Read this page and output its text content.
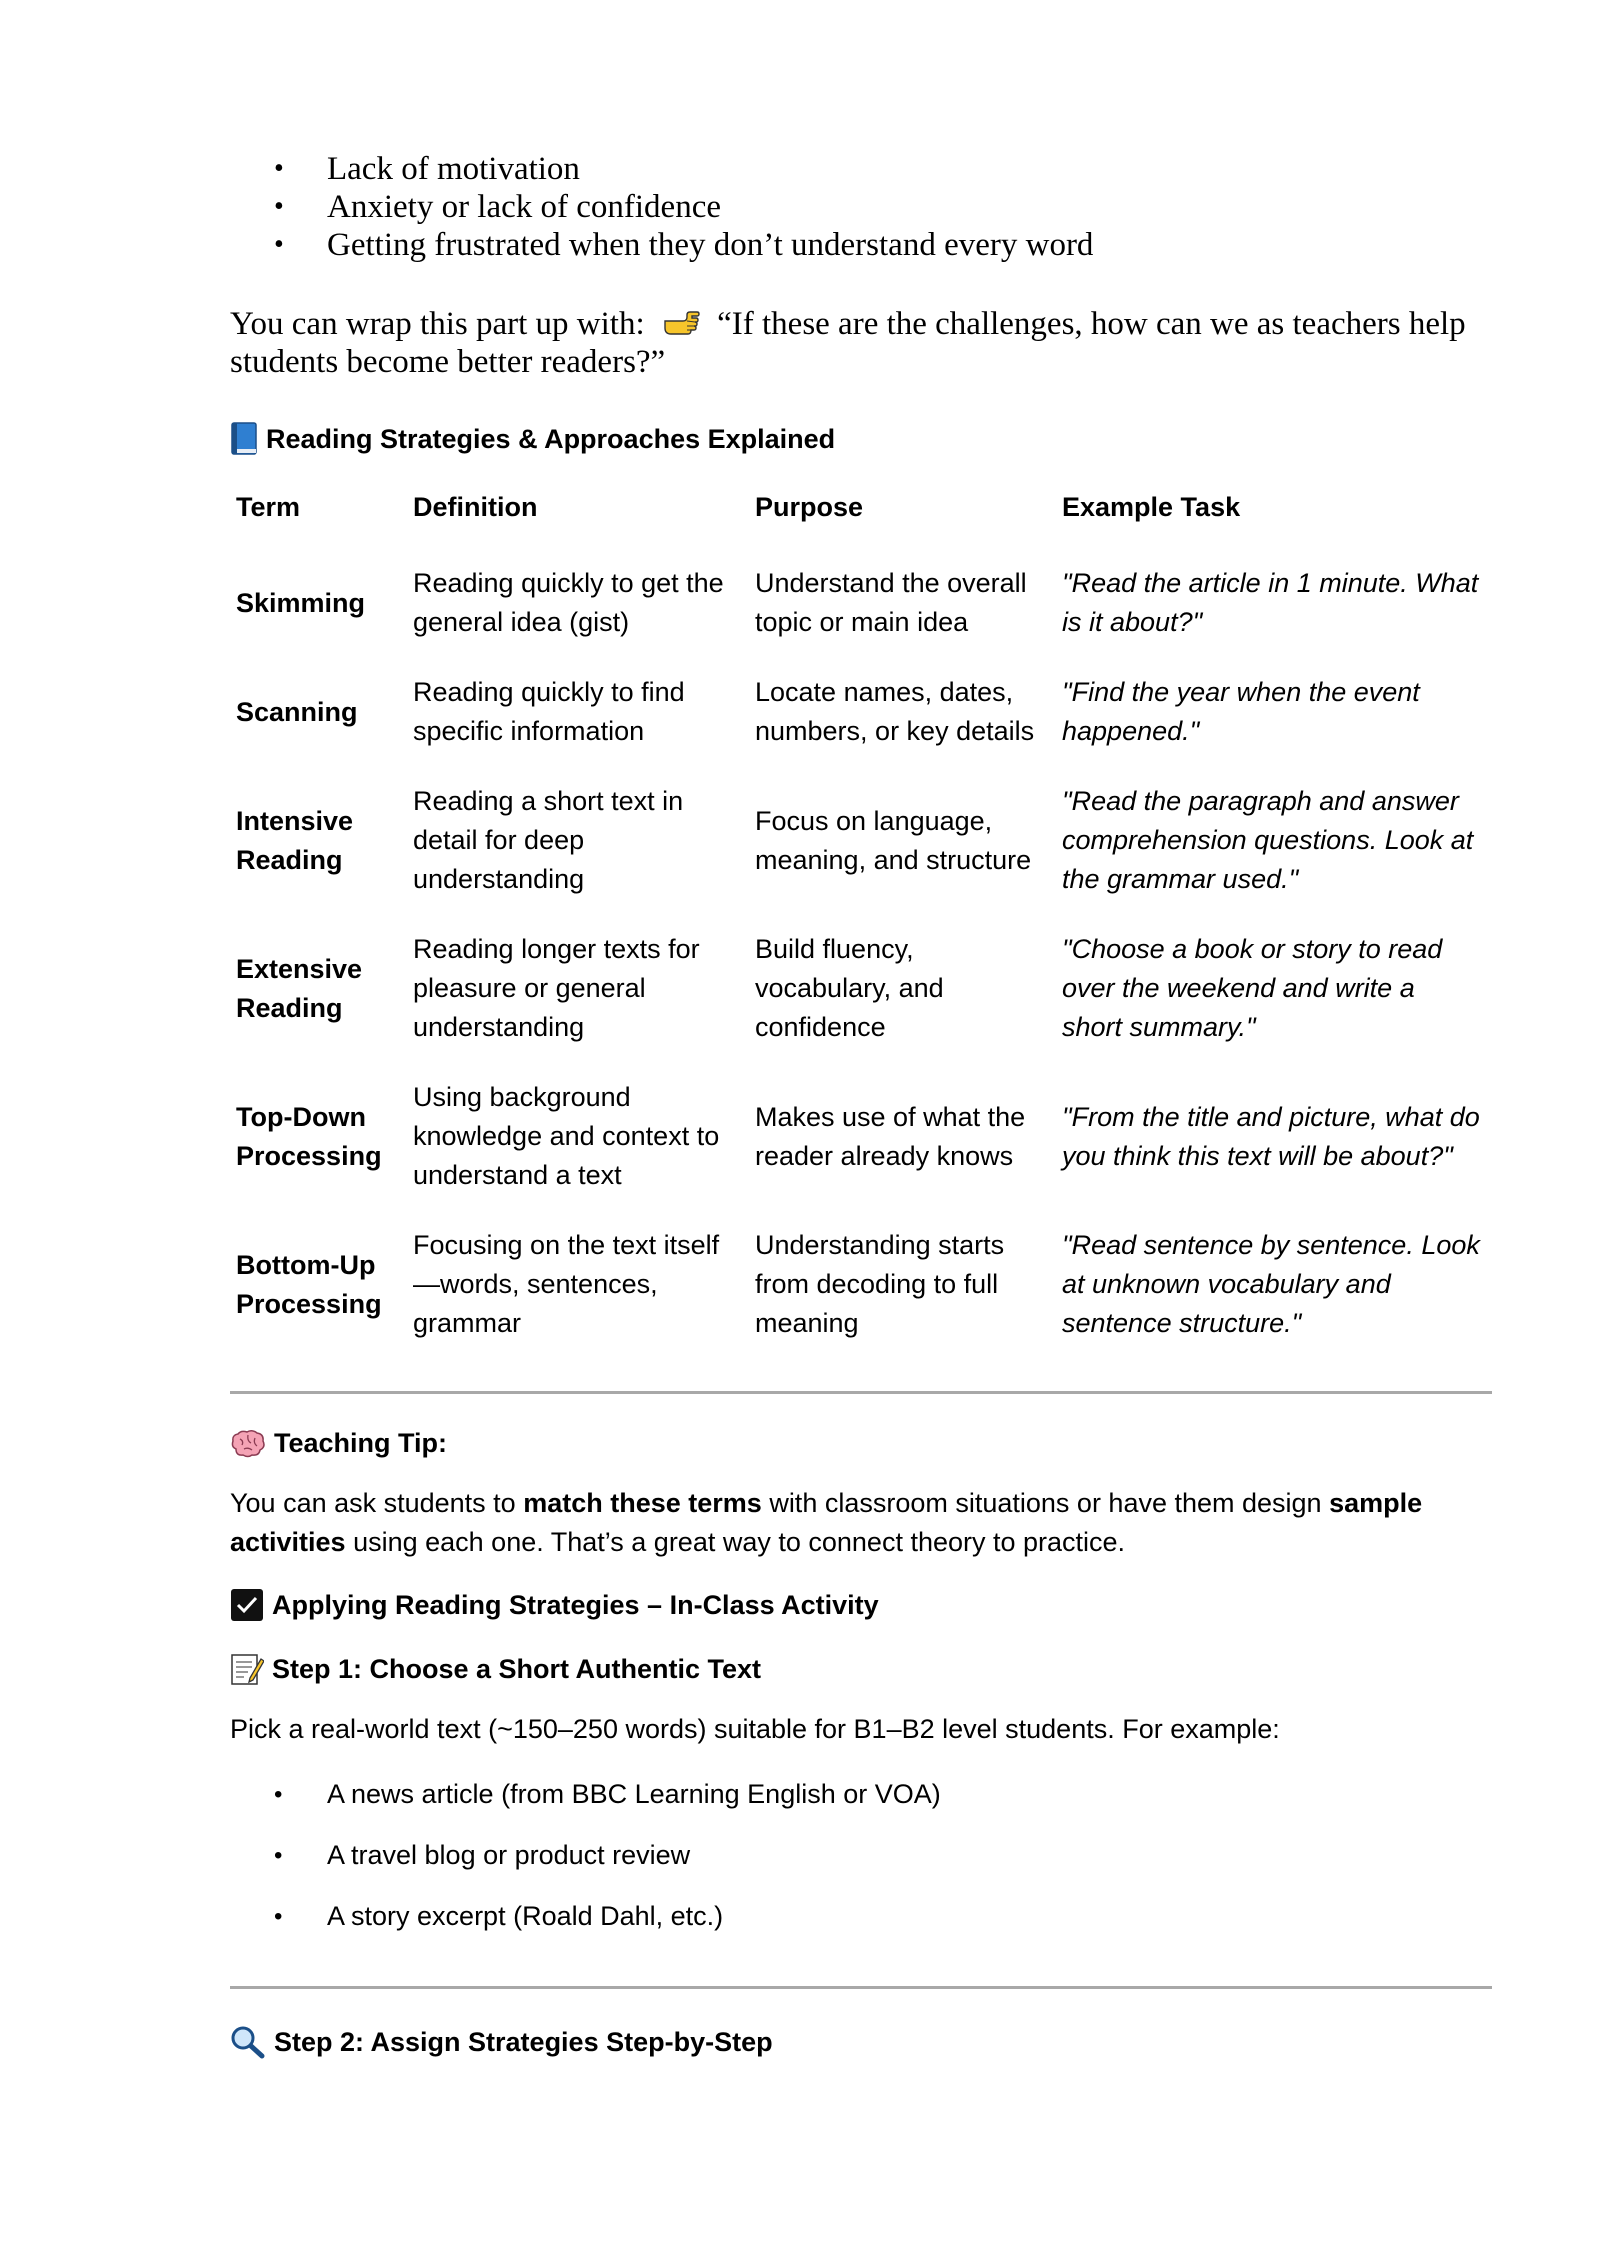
• Lack of motivation
• Anxiety or lack of confidence
• Getting frustrated when they don’t understand every word

You can wrap this part up with: “If these are the challenges, how can we as teachers help students become better readers?”

Reading Strategies & Approaches Explained
Term	Definition	Purpose	Example Task
Skimming	Reading quickly to get the general idea (gist)	Understand the overall topic or main idea	"Read the article in 1 minute. What is it about?"
Scanning	Reading quickly to find specific information	Locate names, dates, numbers, or key details	"Find the year when the event happened."
Intensive Reading	Reading a short text in detail for deep understanding	Focus on language, meaning, and structure	"Read the paragraph and answer comprehension questions. Look at the grammar used."
Extensive Reading	Reading longer texts for pleasure or general understanding	Build fluency, vocabulary, and confidence	"Choose a book or story to read over the weekend and write a short summary."
Top-Down Processing	Using background knowledge and context to understand a text	Makes use of what the reader already knows	"From the title and picture, what do you think this text will be about?"
Bottom-Up Processing	Focusing on the text itself—words, sentences, grammar	Understanding starts from decoding to full meaning	"Read sentence by sentence. Look at unknown vocabulary and sentence structure."
Teaching Tip:

You can ask students to match these terms with classroom situations or have them design sample activities using each one. That’s a great way to connect theory to practice.

Applying Reading Strategies – In-Class Activity
Step 1: Choose a Short Authentic Text

Pick a real-world text (~150–250 words) suitable for B1–B2 level students. For example:

• A news article (from BBC Learning English or VOA)
• A travel blog or product review
• A story excerpt (Roald Dahl, etc.)
Step 2: Assign Strategies Step-by-Step
